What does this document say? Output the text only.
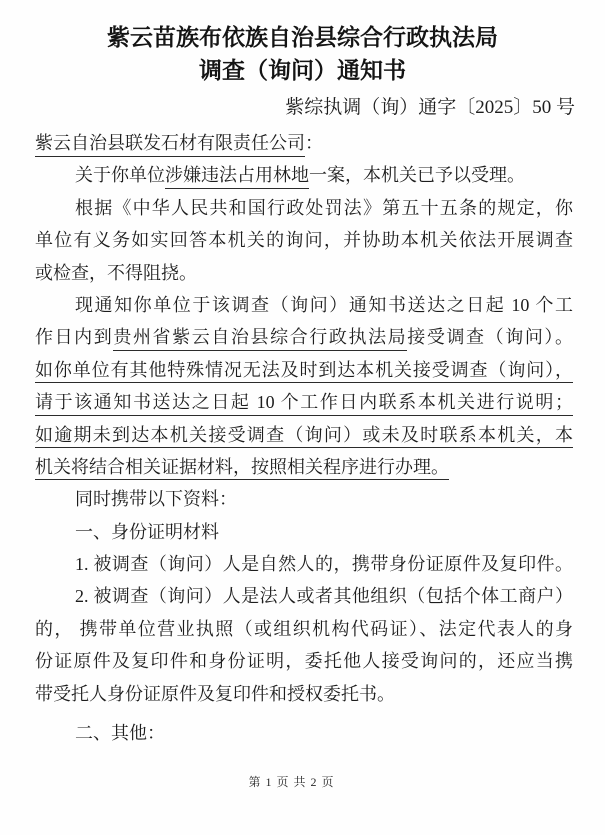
紫云苗族布依族自治县综合行政执法局
调查（询问）通知书
紫综执调（询）通字〔2025〕50 号
紫云自治县联发石材有限责任公司：
关于你单位涉嫌违法占用林地一案，本机关已予以受理。
根据《中华人民共和国行政处罚法》第五十五条的规定，你
单位有义务如实回答本机关的询问，并协助本机关依法开展调查
或检查，不得阻挠。
现通知你单位于该调查（询问）通知书送达之日起 10 个工
作日内到贵州省紫云自治县综合行政执法局接受调查（询问）。
如你单位有其他特殊情况无法及时到达本机关接受调查（询问），
请于该通知书送达之日起 10 个工作日内联系本机关进行说明；
如逾期未到达本机关接受调查（询问）或未及时联系本机关，本
机关将结合相关证据材料，按照相关程序进行办理。
同时携带以下资料：
一、身份证明材料
1. 被调查（询问）人是自然人的，携带身份证原件及复印件。
2. 被调查（询问）人是法人或者其他组织（包括个体工商户）
的， 携带单位营业执照（或组织机构代码证）、法定代表人的身
份证原件及复印件和身份证明，委托他人接受询问的，还应当携
带受托人身份证原件及复印件和授权委托书。
二、其他：
第 1 页 共 2 页
